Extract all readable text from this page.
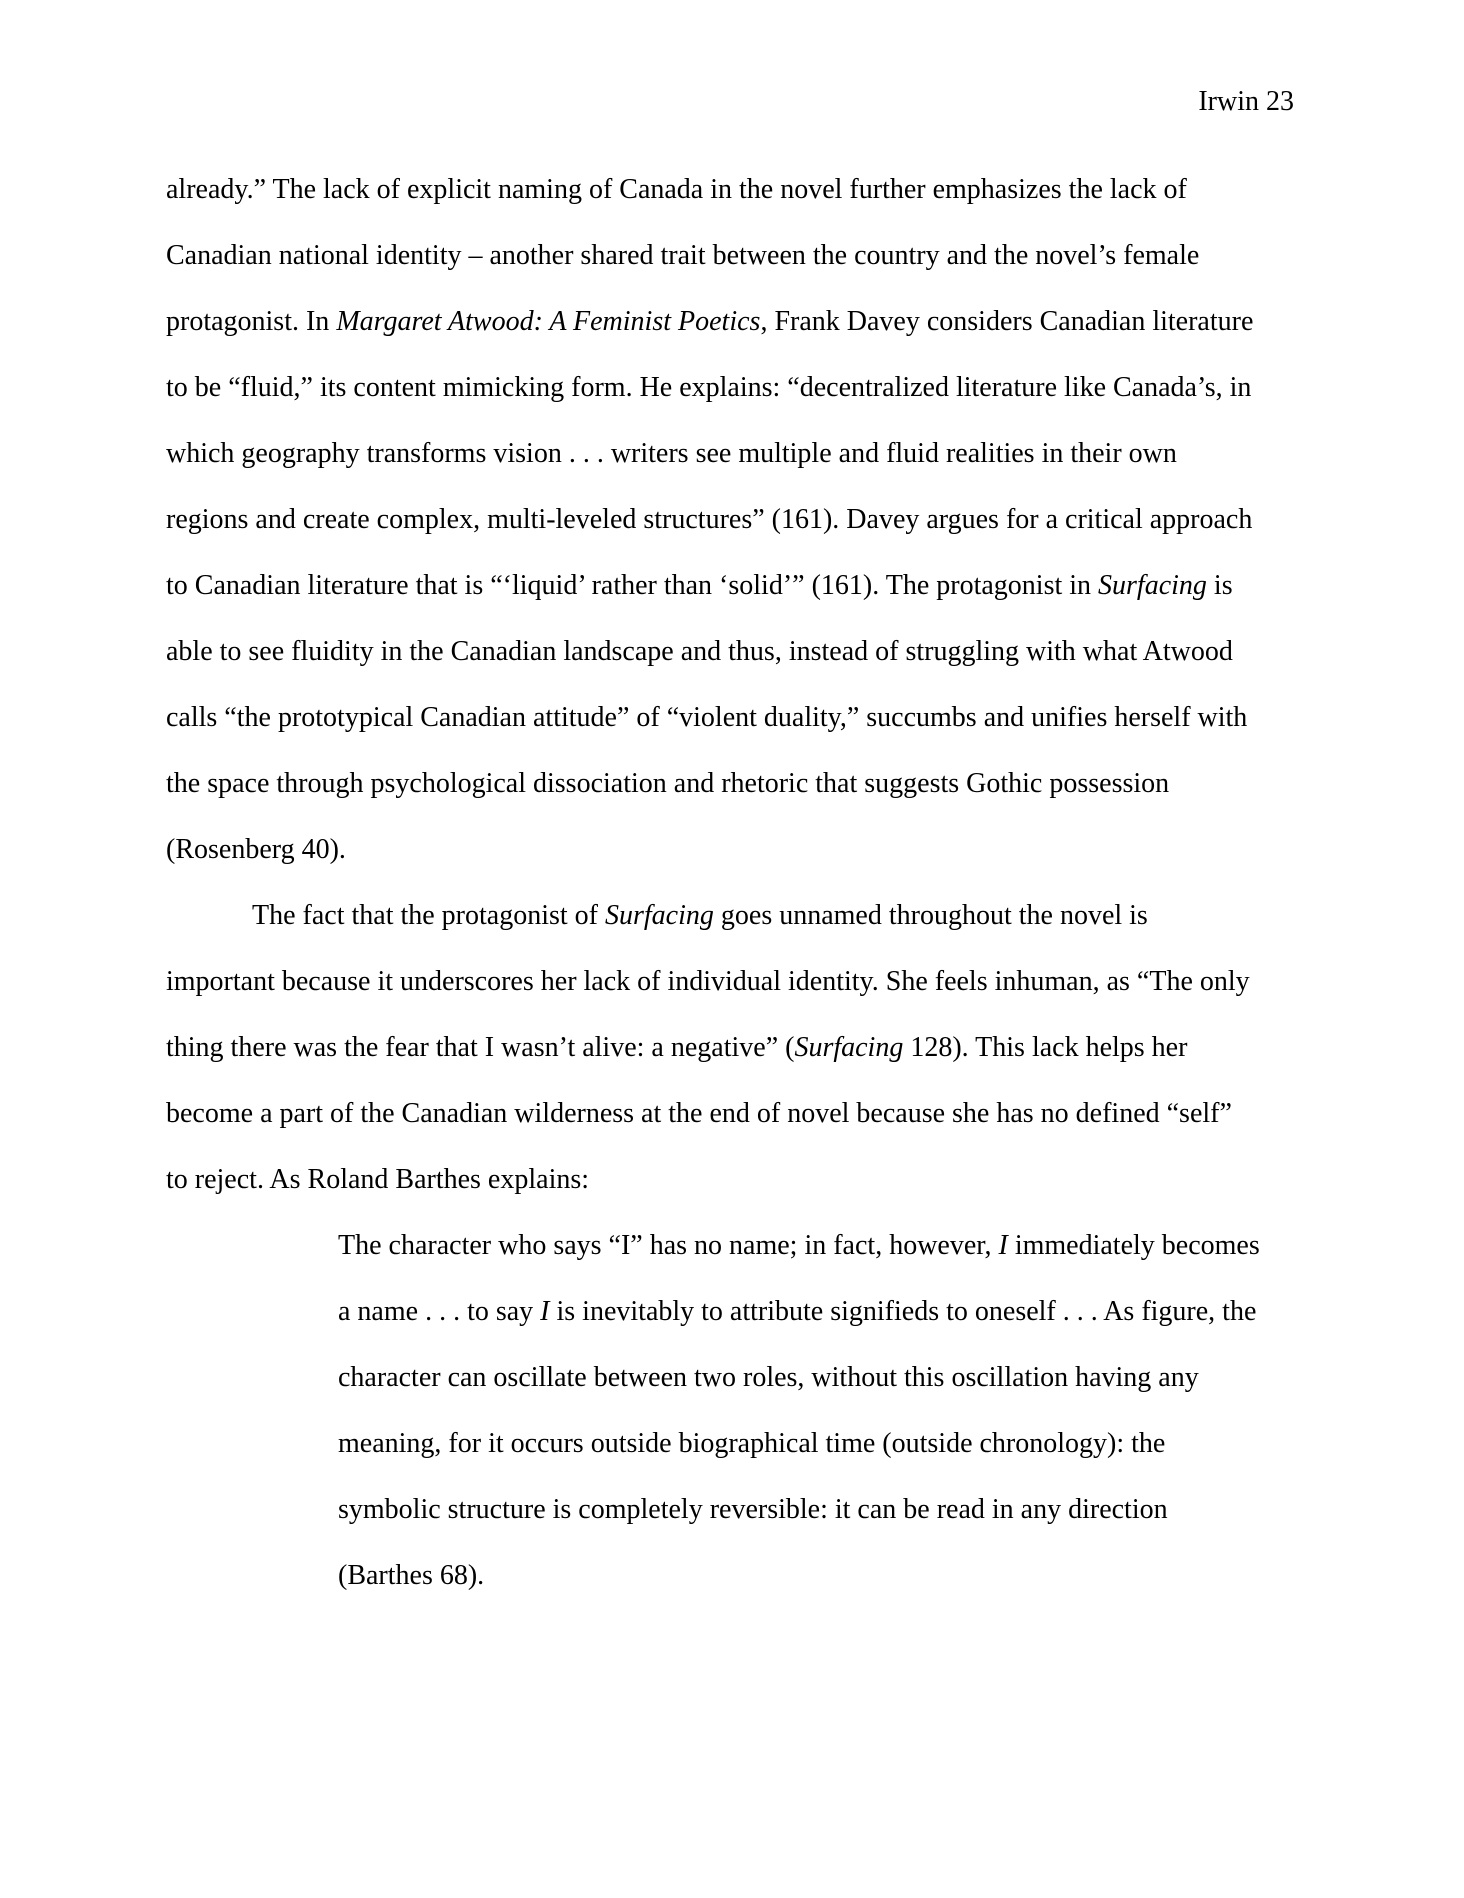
Irwin 23

already.” The lack of explicit naming of Canada in the novel further emphasizes the lack of

Canadian national identity – another shared trait between the country and the novel’s female

protagonist. In Margaret Atwood: A Feminist Poetics, Frank Davey considers Canadian literature

to be “fluid,” its content mimicking form. He explains: “decentralized literature like Canada’s, in

which geography transforms vision . . . writers see multiple and fluid realities in their own

regions and create complex, multi-leveled structures” (161). Davey argues for a critical approach

to Canadian literature that is “‘liquid’ rather than ‘solid’” (161). The protagonist in Surfacing is

able to see fluidity in the Canadian landscape and thus, instead of struggling with what Atwood

calls “the prototypical Canadian attitude” of “violent duality,” succumbs and unifies herself with

the space through psychological dissociation and rhetoric that suggests Gothic possession

(Rosenberg 40).

The fact that the protagonist of Surfacing goes unnamed throughout the novel is

important because it underscores her lack of individual identity. She feels inhuman, as “The only

thing there was the fear that I wasn’t alive: a negative” (Surfacing 128). This lack helps her

become a part of the Canadian wilderness at the end of novel because she has no defined “self”

to reject. As Roland Barthes explains:

The character who says “I” has no name; in fact, however, I immediately becomes

a name . . . to say I is inevitably to attribute signifieds to oneself . . . As figure, the

character can oscillate between two roles, without this oscillation having any

meaning, for it occurs outside biographical time (outside chronology): the

symbolic structure is completely reversible: it can be read in any direction

(Barthes 68).
